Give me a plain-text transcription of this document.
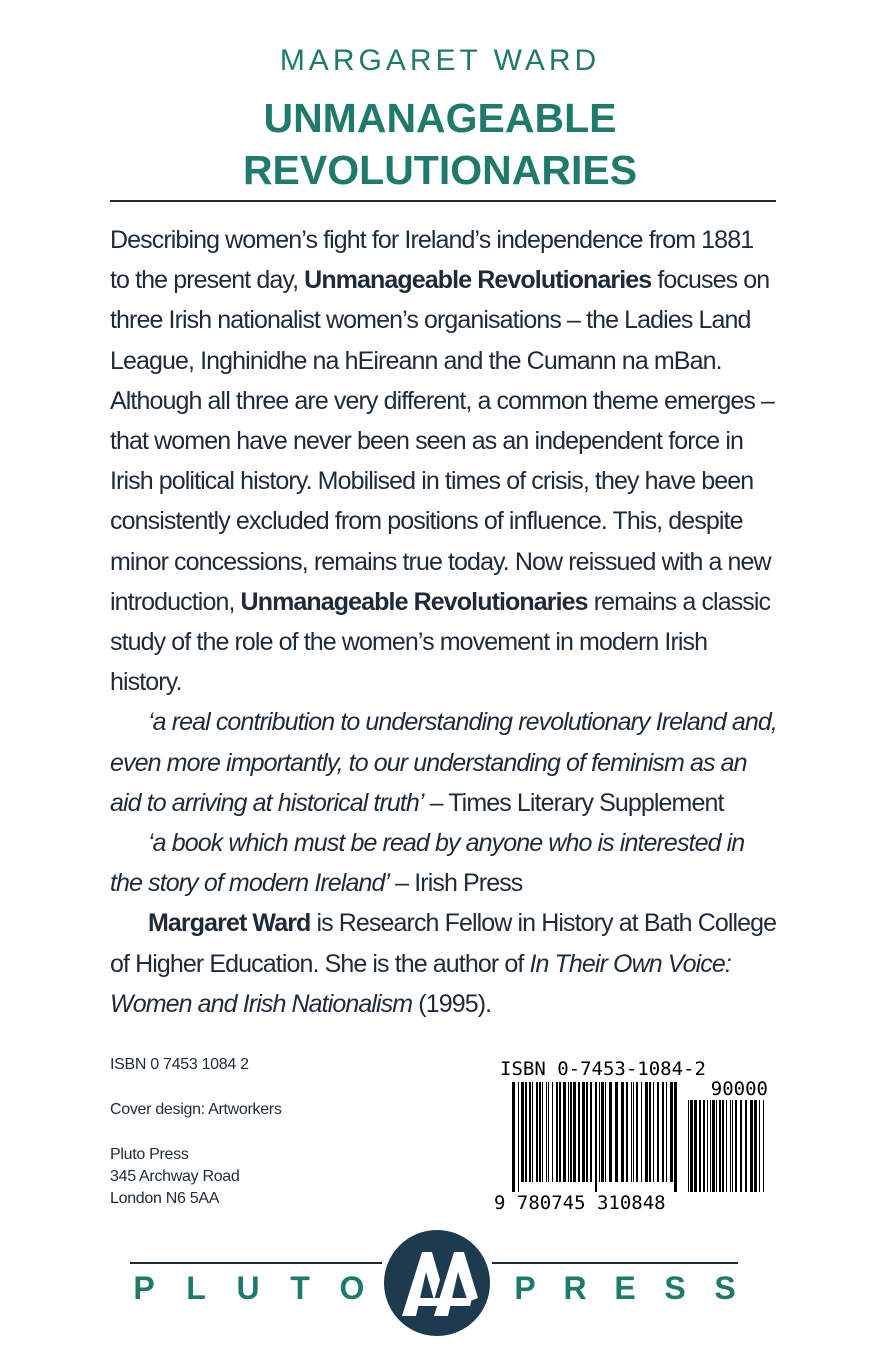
MARGARET WARD
UNMANAGEABLE
REVOLUTIONARIES

Describing women’s fight for Ireland’s independence from 1881 to the present day, Unmanageable Revolutionaries focuses on three Irish nationalist women’s organisations – the Ladies Land League, Inghinidhe na hEireann and the Cumann na mBan. Although all three are very different, a common theme emerges – that women have never been seen as an independent force in Irish political history. Mobilised in times of crisis, they have been consistently excluded from positions of influence. This, despite minor concessions, remains true today. Now reissued with a new introduction, Unmanageable Revolutionaries remains a classic study of the role of the women’s movement in modern Irish history.

‘a real contribution to understanding revolutionary Ireland and, even more importantly, to our understanding of feminism as an aid to arriving at historical truth’ – Times Literary Supplement

‘a book which must be read by anyone who is interested in the story of modern Ireland’ – Irish Press

Margaret Ward is Research Fellow in History at Bath College of Higher Education. She is the author of In Their Own Voice: Women and Irish Nationalism (1995).

ISBN 0 7453 1084 2
Cover design: Artworkers
Pluto Press
345 Archway Road
London N6 5AA
ISBN 0-7453-1084-2
90000
9 780745 310848
P L U T O	P R E S S
